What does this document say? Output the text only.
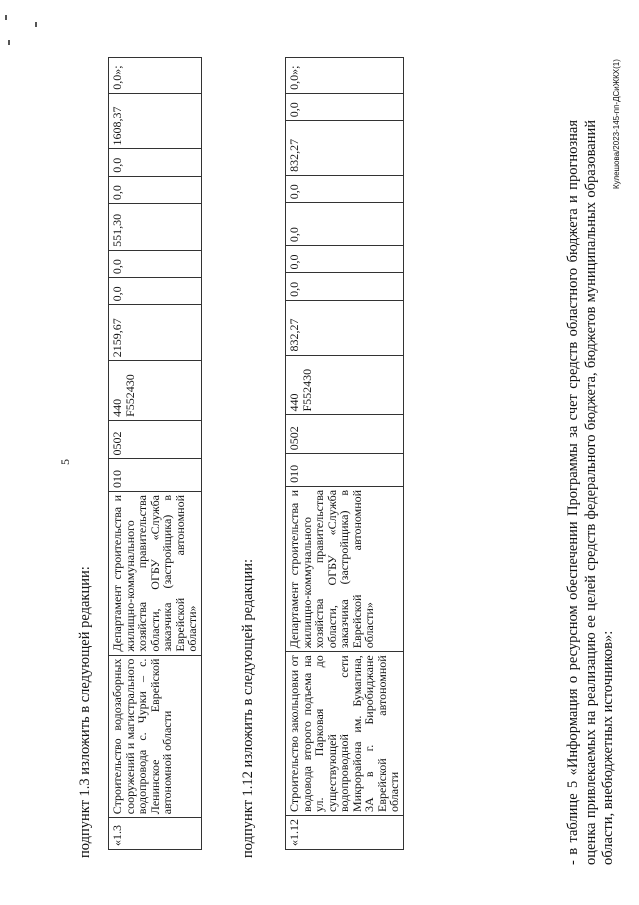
5
подпункт 1.3 изложить в следующей редакции: «1.3	Строительство водозаборных сооружений и магистрального водопровода с. Чурки – с. Ленинское Еврейской автономной области	Департамент строительства и жилищно-коммунального хозяйства правительства области, ОГБУ «Служба заказчика (застройщика) в Еврейской автономной области»	010	0502	440 F552430	2159,67	0,0	0,0	551,30	0,0	0,0	1608,37	0,0»;
подпункт 1.12 изложить в следующей редакции:	«1.12	Строительство закольцовки от водовода второго подъема на ул. Парковая до существующей водопроводной сети Микрорайона им. Бумагина, 3А в г. Биробиджане Еврейской автономной области	Департамент строительства и жилищно-коммунального хозяйства правительства области, ОГБУ «Служба заказчика (застройщика) в Еврейской автономной области»	010	0502	440 F552430	832,27	0,0	0,0	0,0	0,0	832,27	0,0	0,0»;
- в таблице 5 «Информация о ресурсном обеспечении Программы за счет средств областного бюджета и прогнозная оценка привлекаемых на реализацию ее целей средств федерального бюджета, бюджетов муниципальных образований области, внебюджетных источников»:
Кулешова/2023-145-пп-ДСиЖКХ(1)
